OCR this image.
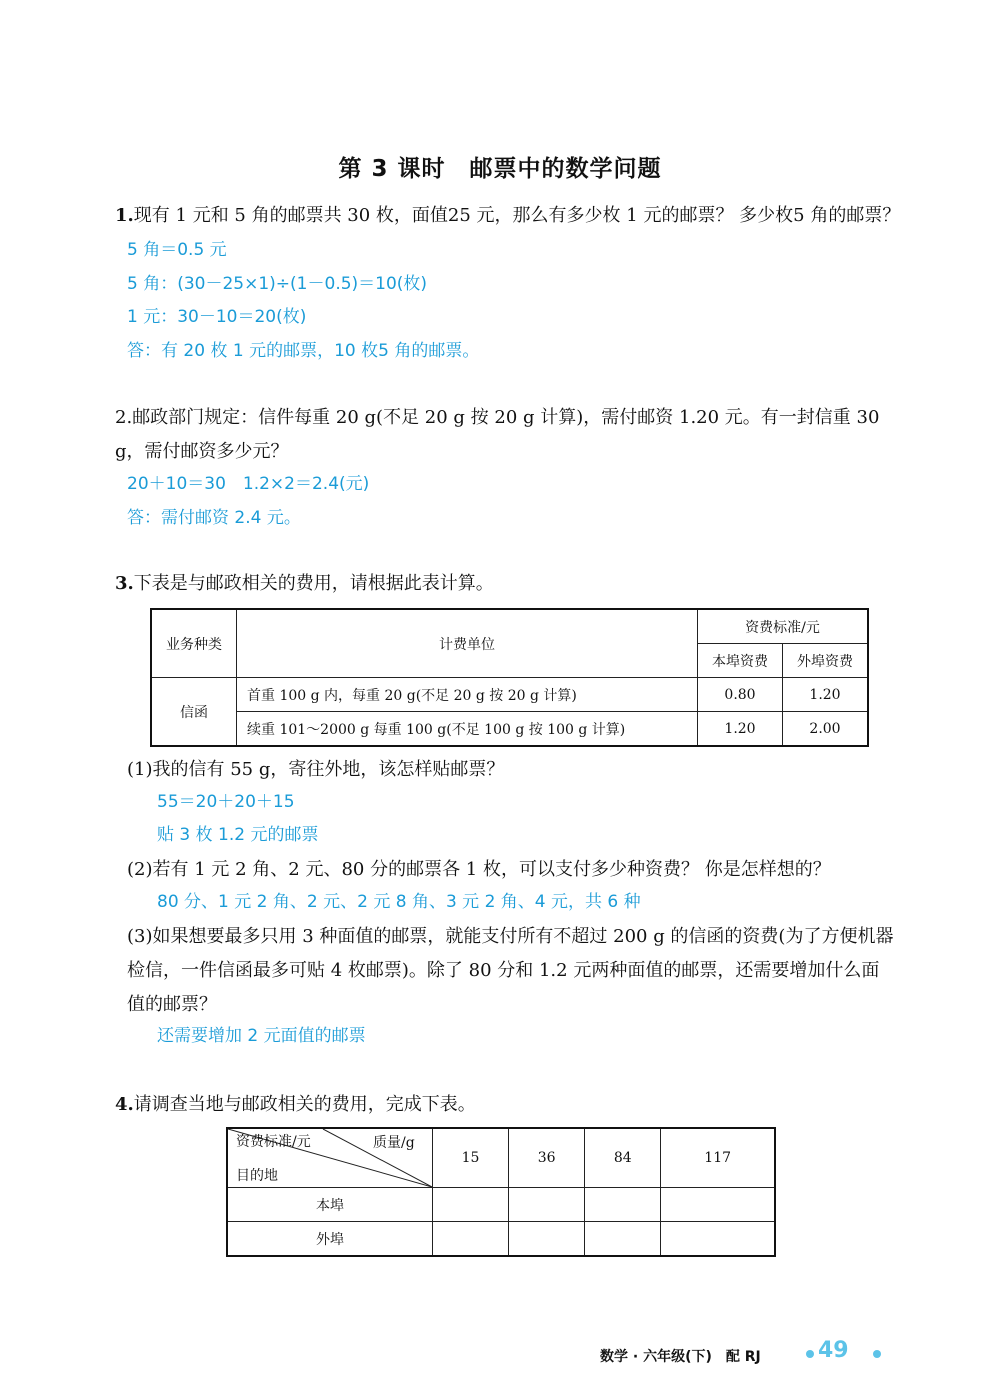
第 3 课时　邮票中的数学问题
1.现有 1 元和 5 角的邮票共 30 枚，面值25 元，那么有多少枚 1 元的邮票？ 多少枚5 角的邮票？
5 角＝0.5 元
5 角：(30－25×1)÷(1－0.5)＝10(枚)
1 元：30－10＝20(枚)
答：有 20 枚 1 元的邮票，10 枚5 角的邮票。
2.邮政部门规定：信件每重 20 g(不足 20 g 按 20 g 计算)，需付邮资 1.20 元。有一封信重 30 g，需付邮资多少元？
20＋10＝30　1.2×2＝2.4(元)
答：需付邮资 2.4 元。
3.下表是与邮政相关的费用，请根据此表计算。
业务种类	计费单位	资费标准/元	
		本埠资费	外埠资费
信函	首重 100 g 内，每重 20 g(不足 20 g 按 20 g 计算)	0.80	1.20
	续重 101～2000 g 每重 100 g(不足 100 g 按 100 g 计算)	1.20	2.00
(1)我的信有 55 g，寄往外地，该怎样贴邮票？
55＝20＋20＋15
贴 3 枚 1.2 元的邮票
(2)若有 1 元 2 角、2 元、80 分的邮票各 1 枚，可以支付多少种资费？ 你是怎样想的？
80 分、1 元 2 角、2 元、2 元 8 角、3 元 2 角、4 元，共 6 种
(3)如果想要最多只用 3 种面值的邮票，就能支付所有不超过 200 g 的信函的资费(为了方便机器检信，一件信函最多可贴 4 枚邮票)。除了 80 分和 1.2 元两种面值的邮票，还需要增加什么面值的邮票？
还需要增加 2 元面值的邮票
4.请调查当地与邮政相关的费用，完成下表。
资费标准/元 质量/g
目的地	15	36	84	117
本埠				
外埠				
数学 · 六年级(下)　配 RJ	49
